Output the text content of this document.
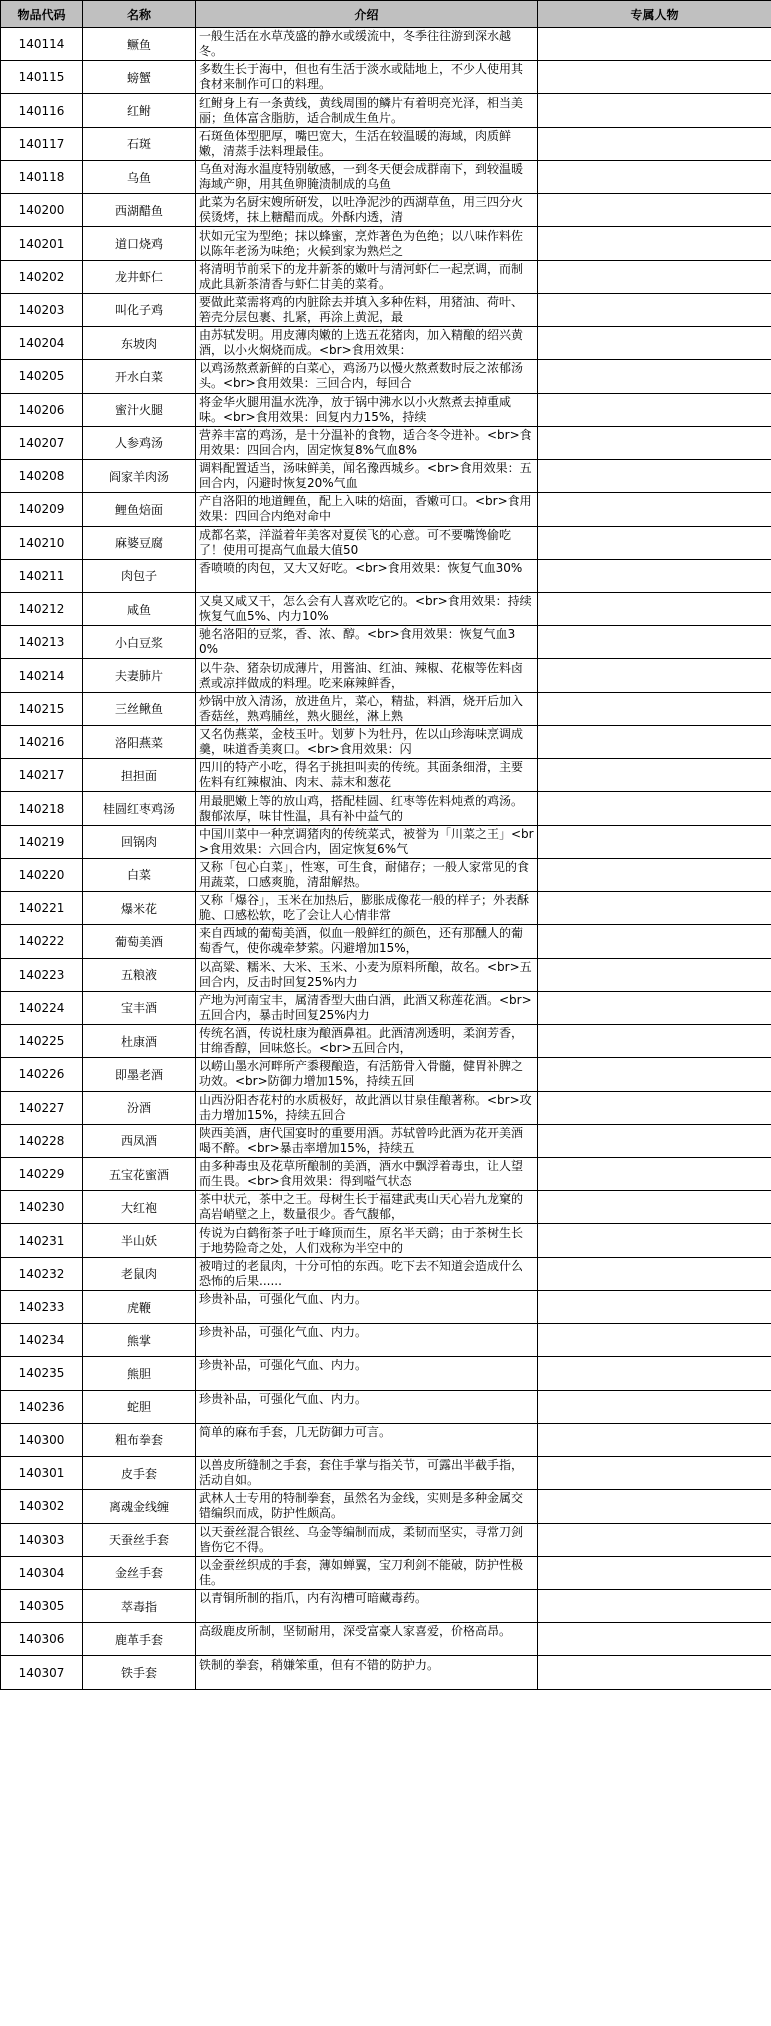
物品代码	名称	介绍	专属人物
140114	鳜鱼	一般生活在水草茂盛的静水或缓流中，冬季往往游到深水越冬。	

140115	螃蟹	多数生长于海中，但也有生活于淡水或陆地上，不少人使用其食材来制作可口的料理。	

140116	红鲋	红鲋身上有一条黄线，黄线周围的鳞片有着明亮光泽，相当美丽；鱼体富含脂肪，适合制成生鱼片。	

140117	石斑	石斑鱼体型肥厚，嘴巴宽大，生活在较温暖的海域，肉质鲜嫩，清蒸手法料理最佳。	

140118	乌鱼	乌鱼对海水温度特别敏感，一到冬天便会成群南下，到较温暖海域产卵，用其鱼卵腌渍制成的乌鱼	

140200	西湖醋鱼	此菜为名厨宋嫂所研发，以吐净泥沙的西湖草鱼，用三四分火侯烫烤，抹上糖醋而成。外酥内透，清	

140201	道口烧鸡	状如元宝为型绝；抹以蜂蜜，烹炸著色为色绝；以八味作料佐以陈年老汤为味绝；火候到家为熟烂之	

140202	龙井虾仁	将清明节前采下的龙井新茶的嫩叶与清河虾仁一起烹调，而制成此具新茶清香与虾仁甘美的菜肴。	

140203	叫化子鸡	要做此菜需将鸡的内脏除去并填入多种佐料，用猪油、荷叶、箬壳分层包裹、扎紧，再涂上黄泥，最	

140204	东坡肉	由苏轼发明。用皮薄肉嫩的上选五花猪肉，加入精酿的绍兴黄酒，以小火焖烧而成。<br>食用效果：	

140205	开水白菜	以鸡汤熬煮新鲜的白菜心，鸡汤乃以慢火熬煮数时辰之浓郁汤头。<br>食用效果：三回合内，每回合	

140206	蜜汁火腿	将金华火腿用温水洗净，放于锅中沸水以小火熬煮去掉重咸味。<br>食用效果：回复内力15%，持续	

140207	人参鸡汤	营养丰富的鸡汤，是十分温补的食物，适合冬令进补。<br>食用效果：四回合内，固定恢复8%气血8%	

140208	阎家羊肉汤	调料配置适当，汤味鲜美，闻名豫西城乡。<br>食用效果：五回合内，闪避时恢复20%气血	

140209	鲤鱼焙面	产自洛阳的地道鲤鱼，配上入味的焙面，香嫩可口。<br>食用效果：四回合内绝对命中	

140210	麻婆豆腐	成都名菜，洋溢着年美客对夏侯飞的心意。可不要嘴馋偷吃了！使用可提高气血最大值50	

140211	肉包子	香喷喷的肉包，又大又好吃。<br>食用效果：恢复气血30%	

140212	咸鱼	又臭又咸又干，怎么会有人喜欢吃它的。<br>食用效果：持续恢复气血5%、内力10%	

140213	小白豆浆	驰名洛阳的豆浆，香、浓、醇。<br>食用效果：恢复气血30%	

140214	夫妻肺片	以牛杂、猪杂切成薄片，用酱油、红油、辣椒、花椒等佐料卤煮或凉拌做成的料理。吃来麻辣鲜香，	

140215	三丝鳅鱼	炒锅中放入清汤，放进鱼片，菜心，精盐，料酒，烧开后加入香菇丝，熟鸡脯丝，熟火腿丝，淋上熟	

140216	洛阳燕菜	又名伪燕菜，金枝玉叶。划萝卜为牡丹，佐以山珍海味烹调成羹，味道香美爽口。<br>食用效果：闪	

140217	担担面	四川的特产小吃，得名于挑担叫卖的传统。其面条细滑，主要佐料有红辣椒油、肉末、蒜末和葱花	

140218	桂圆红枣鸡汤	用最肥嫩上等的放山鸡，搭配桂圆、红枣等佐料炖煮的鸡汤。馥郁浓厚，味甘性温，具有补中益气的	

140219	回锅肉	中国川菜中一种烹调猪肉的传统菜式，被誉为「川菜之王」<br>食用效果：六回合内，固定恢复6%气	

140220	白菜	又称「包心白菜」，性寒，可生食，耐储存；一般人家常见的食用蔬菜，口感爽脆，清甜解热。	

140221	爆米花	又称「爆谷」，玉米在加热后，膨胀成像花一般的样子；外表酥脆、口感松软，吃了会让人心情非常	

140222	葡萄美酒	来自西域的葡萄美酒，似血一般鲜红的颜色，还有那醺人的葡萄香气，使你魂牵梦萦。闪避增加15%，	

140223	五粮液	以高粱、糯米、大米、玉米、小麦为原料所酿，故名。<br>五回合内，反击时回复25%内力	

140224	宝丰酒	产地为河南宝丰，属清香型大曲白酒，此酒又称莲花酒。<br>五回合内，暴击时回复25%内力	

140225	杜康酒	传统名酒，传说杜康为酿酒鼻祖。此酒清冽透明，柔润芳香，甘绵香醇，回味悠长。<br>五回合内，	

140226	即墨老酒	以崂山墨水河畔所产黍稷酿造，有活筋骨入骨髓，健胃补脾之功效。<br>防御力增加15%，持续五回	

140227	汾酒	山西汾阳杏花村的水质极好，故此酒以甘泉佳酿著称。<br>攻击力增加15%，持续五回合	

140228	西凤酒	陕西美酒，唐代国宴时的重要用酒。苏轼曾吟此酒为花开美酒喝不醉。<br>暴击率增加15%，持续五	

140229	五宝花蜜酒	由多种毒虫及花草所酿制的美酒，酒水中飘浮着毒虫，让人望而生畏。<br>食用效果：得到嗌气状态	

140230	大红袍	茶中状元，茶中之王。母树生长于福建武夷山天心岩九龙窠的高岩峭壁之上，数量很少。香气馥郁，	

140231	半山妖	传说为白鹤衔茶子吐于峰顶而生，原名半天鹞；由于茶树生长于地势险奇之处，人们戏称为半空中的	

140232	老鼠肉	被啃过的老鼠肉，十分可怕的东西。吃下去不知道会造成什么恐怖的后果......	

140233	虎鞭	珍贵补品，可强化气血、内力。	

140234	熊掌	珍贵补品，可强化气血、内力。	

140235	熊胆	珍贵补品，可强化气血、内力。	

140236	蛇胆	珍贵补品，可强化气血、内力。	

140300	粗布拳套	简单的麻布手套，几无防御力可言。	

140301	皮手套	以兽皮所缝制之手套，套住手掌与指关节，可露出半截手指，活动自如。	

140302	离魂金线缠	武林人士专用的特制拳套，虽然名为金线，实则是多种金属交错编织而成，防护性颇高。	

140303	天蚕丝手套	以天蚕丝混合银丝、乌金等编制而成，柔韧而坚实，寻常刀剑皆伤它不得。	

140304	金丝手套	以金蚕丝织成的手套，薄如蝉翼，宝刀利剑不能破，防护性极佳。	

140305	萃毒指	以青铜所制的指爪，内有沟槽可暗藏毒药。	

140306	鹿革手套	高级鹿皮所制，坚韧耐用，深受富豪人家喜爱，价格高昂。	

140307	铁手套	铁制的拳套，稍嫌笨重，但有不错的防护力。	
